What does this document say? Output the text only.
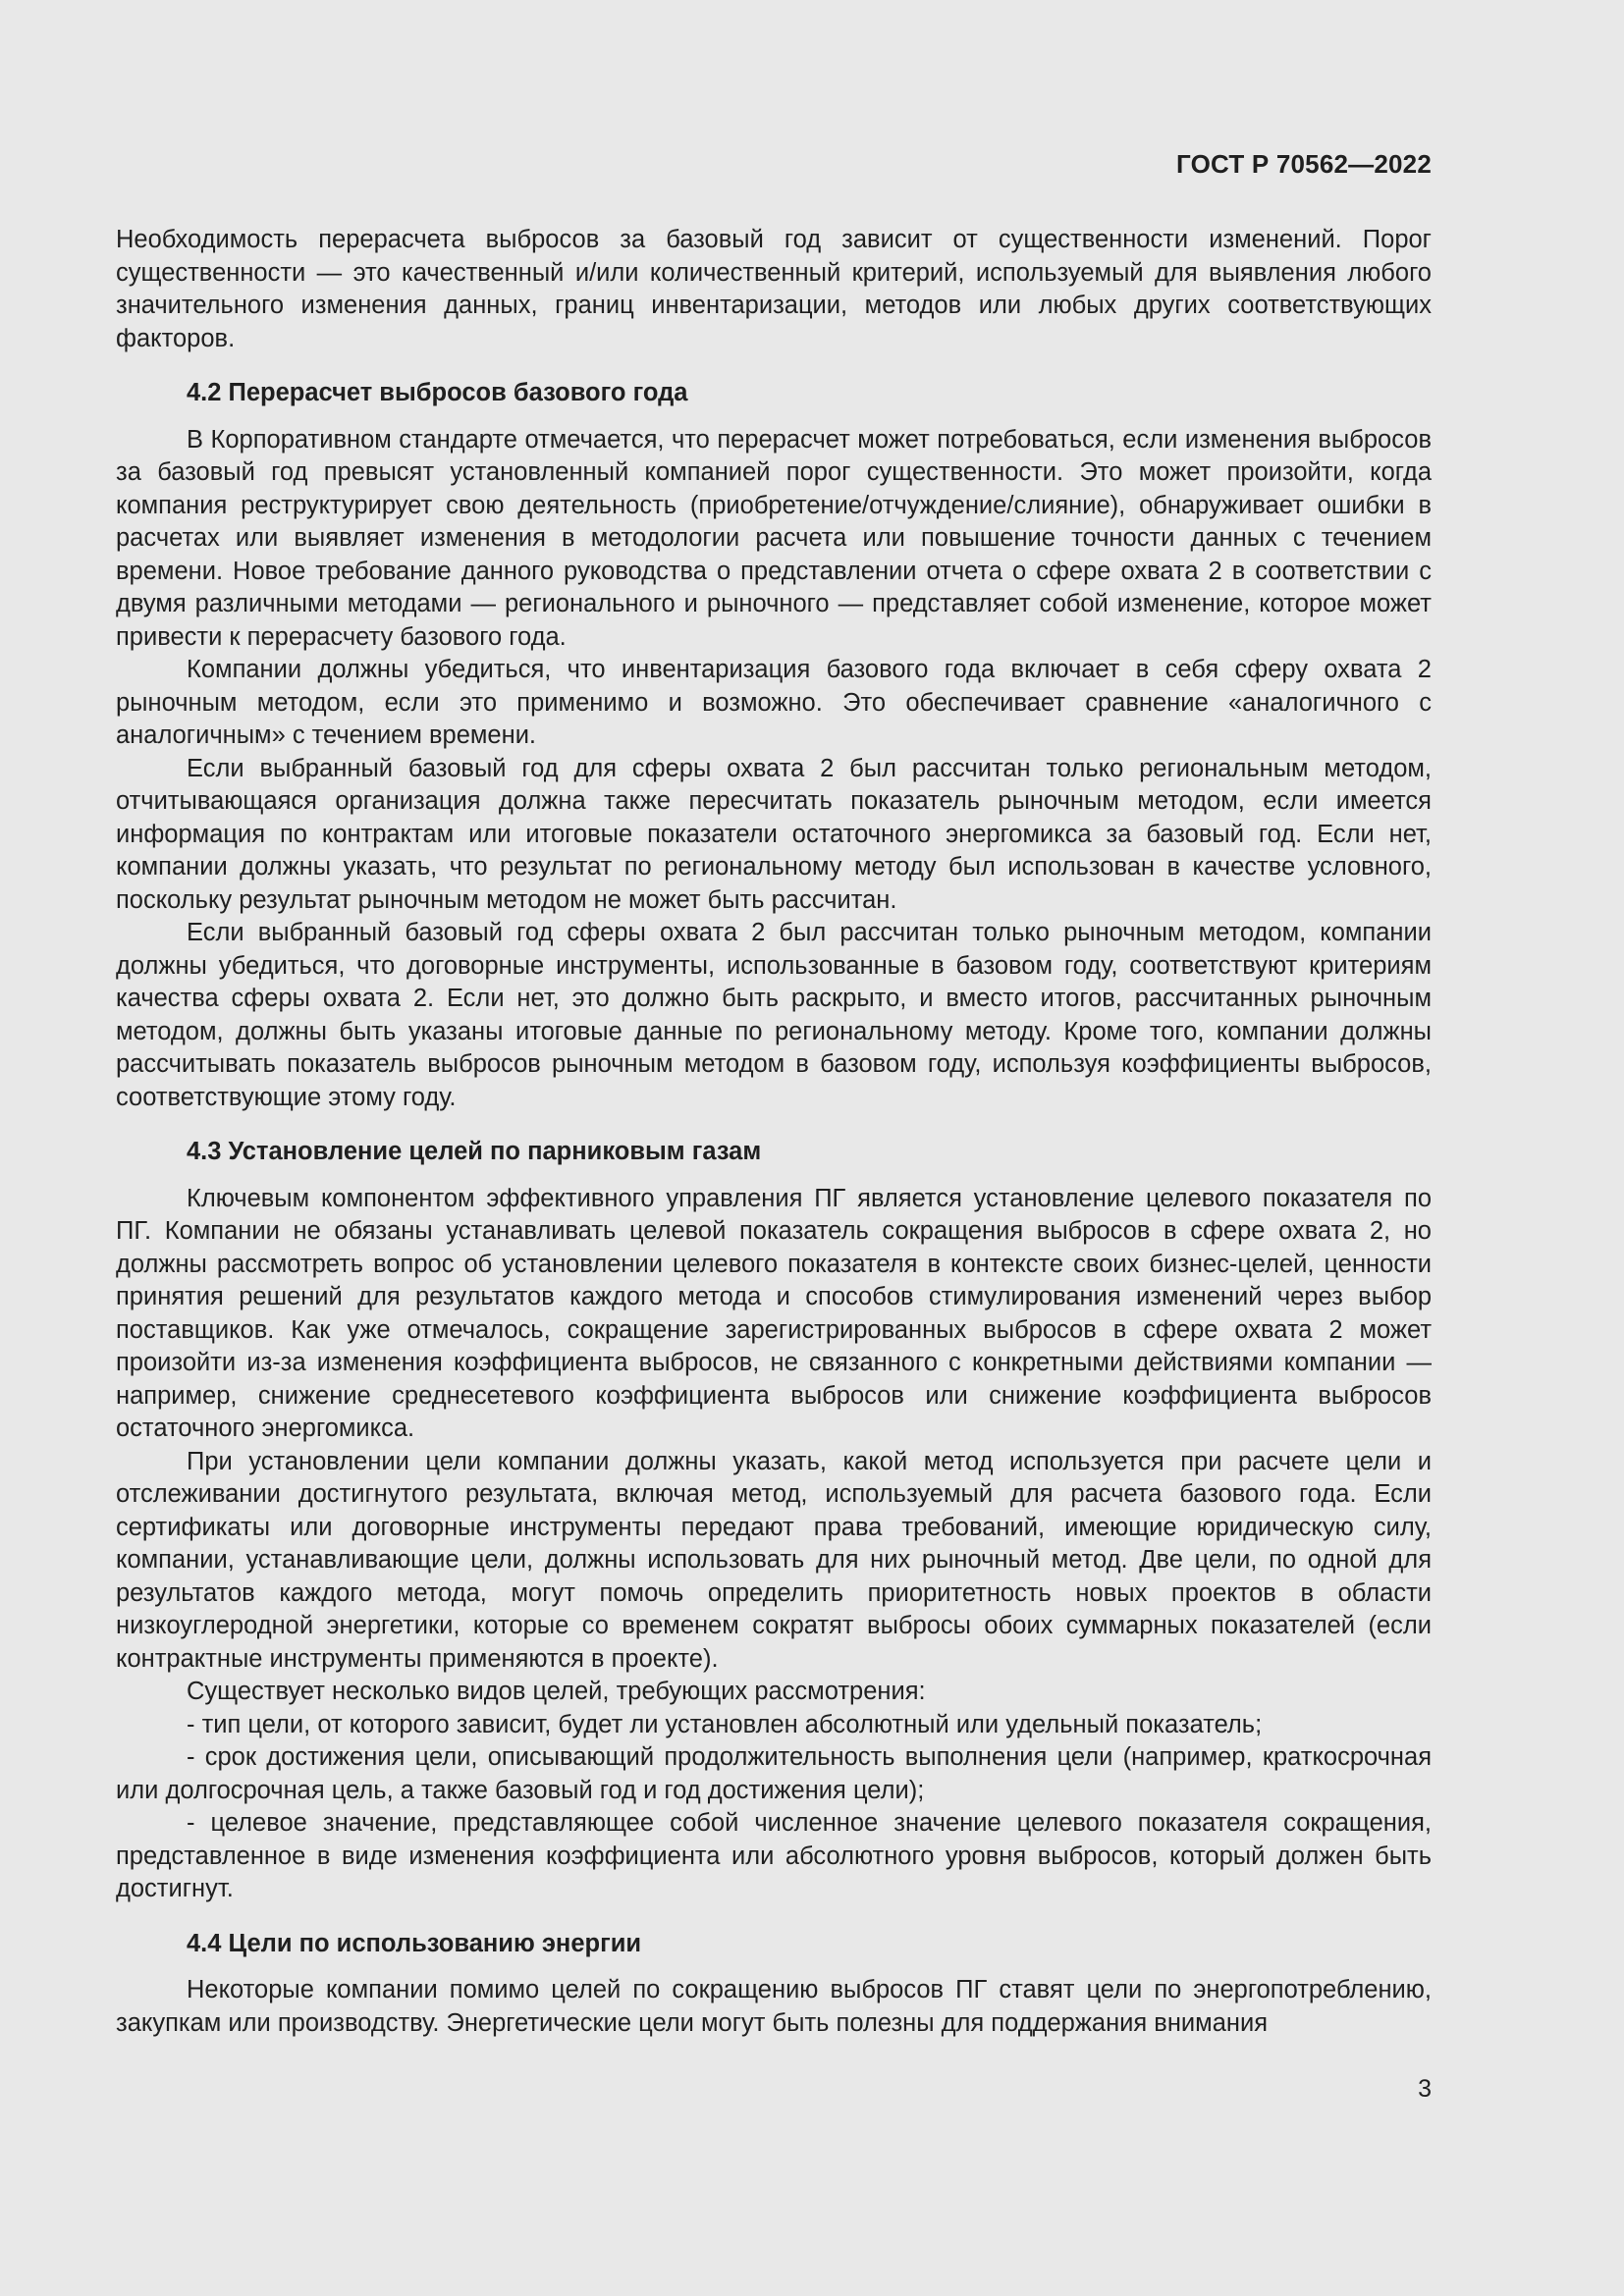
ГОСТ Р 70562—2022

Необходимость перерасчета выбросов за базовый год зависит от существенности изменений. Порог существенности — это качественный и/или количественный критерий, используемый для выявления любого значительного изменения данных, границ инвентаризации, методов или любых других соответствующих факторов.

4.2 Перерасчет выбросов базового года

В Корпоративном стандарте отмечается, что перерасчет может потребоваться, если изменения выбросов за базовый год превысят установленный компанией порог существенности. Это может произойти, когда компания реструктурирует свою деятельность (приобретение/отчуждение/слияние), обнаруживает ошибки в расчетах или выявляет изменения в методологии расчета или повышение точности данных с течением времени. Новое требование данного руководства о представлении отчета о сфере охвата 2 в соответствии с двумя различными методами — регионального и рыночного — представляет собой изменение, которое может привести к перерасчету базового года.

Компании должны убедиться, что инвентаризация базового года включает в себя сферу охвата 2 рыночным методом, если это применимо и возможно. Это обеспечивает сравнение «аналогичного с аналогичным» с течением времени.

Если выбранный базовый год для сферы охвата 2 был рассчитан только региональным методом, отчитывающаяся организация должна также пересчитать показатель рыночным методом, если имеется информация по контрактам или итоговые показатели остаточного энергомикса за базовый год. Если нет, компании должны указать, что результат по региональному методу был использован в качестве условного, поскольку результат рыночным методом не может быть рассчитан.

Если выбранный базовый год сферы охвата 2 был рассчитан только рыночным методом, компании должны убедиться, что договорные инструменты, использованные в базовом году, соответствуют критериям качества сферы охвата 2. Если нет, это должно быть раскрыто, и вместо итогов, рассчитанных рыночным методом, должны быть указаны итоговые данные по региональному методу. Кроме того, компании должны рассчитывать показатель выбросов рыночным методом в базовом году, используя коэффициенты выбросов, соответствующие этому году.

4.3 Установление целей по парниковым газам

Ключевым компонентом эффективного управления ПГ является установление целевого показателя по ПГ. Компании не обязаны устанавливать целевой показатель сокращения выбросов в сфере охвата 2, но должны рассмотреть вопрос об установлении целевого показателя в контексте своих бизнес-целей, ценности принятия решений для результатов каждого метода и способов стимулирования изменений через выбор поставщиков. Как уже отмечалось, сокращение зарегистрированных выбросов в сфере охвата 2 может произойти из-за изменения коэффициента выбросов, не связанного с конкретными действиями компании — например, снижение среднесетевого коэффициента выбросов или снижение коэффициента выбросов остаточного энергомикса.

При установлении цели компании должны указать, какой метод используется при расчете цели и отслеживании достигнутого результата, включая метод, используемый для расчета базового года. Если сертификаты или договорные инструменты передают права требований, имеющие юридическую силу, компании, устанавливающие цели, должны использовать для них рыночный метод. Две цели, по одной для результатов каждого метода, могут помочь определить приоритетность новых проектов в области низкоуглеродной энергетики, которые со временем сократят выбросы обоих суммарных показателей (если контрактные инструменты применяются в проекте).

Существует несколько видов целей, требующих рассмотрения:

- тип цели, от которого зависит, будет ли установлен абсолютный или удельный показатель;

- срок достижения цели, описывающий продолжительность выполнения цели (например, краткосрочная или долгосрочная цель, а также базовый год и год достижения цели);

- целевое значение, представляющее собой численное значение целевого показателя сокращения, представленное в виде изменения коэффициента или абсолютного уровня выбросов, который должен быть достигнут.

4.4 Цели по использованию энергии

Некоторые компании помимо целей по сокращению выбросов ПГ ставят цели по энергопотреблению, закупкам или производству. Энергетические цели могут быть полезны для поддержания внимания

3
